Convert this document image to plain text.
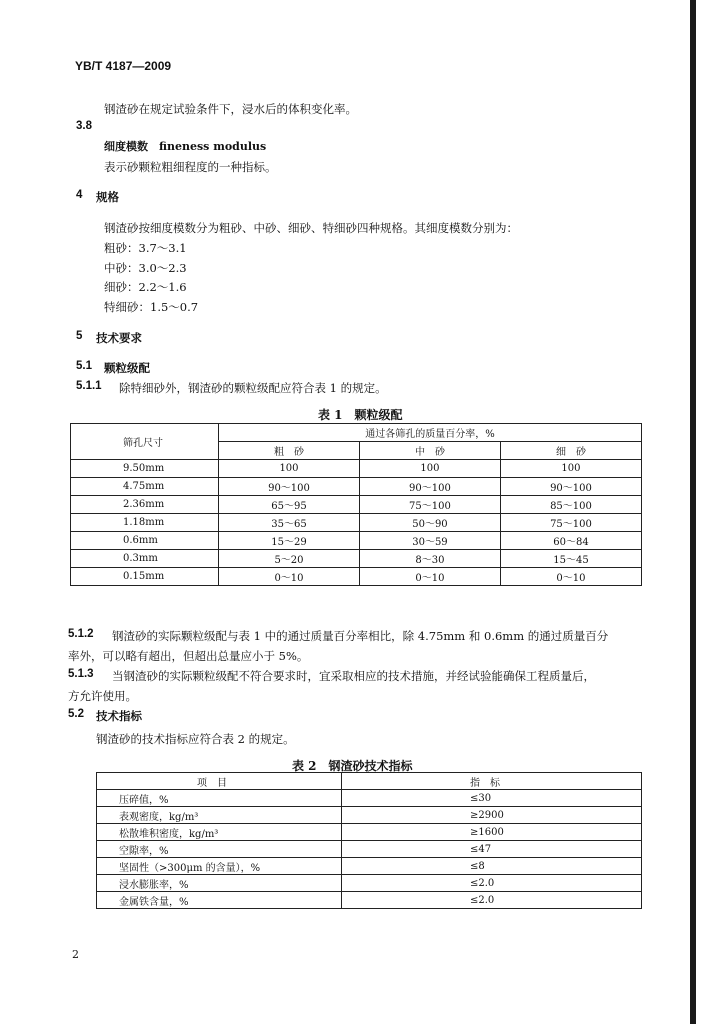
YB/T 4187—2009
钢渣砂在规定试验条件下，浸水后的体积变化率。
3.8
细度模数　fineness modulus
表示砂颗粒粗细程度的一种指标。
4 规格
钢渣砂按细度模数分为粗砂、中砂、细砂、特细砂四种规格。其细度模数分别为：
粗砂：3.7～3.1
中砂：3.0～2.3
细砂：2.2～1.6
特细砂：1.5～0.7
5 技术要求
5.1 颗粒级配
5.1.1 除特细砂外，钢渣砂的颗粒级配应符合表 1 的规定。
表 1　颗粒级配
筛孔尺寸	通过各筛孔的质量百分率，%		
	粗　砂	中　砂	细　砂
9.50mm	100	100	100
4.75mm	90～100	90～100	90～100
2.36mm	65～95	75～100	85～100
1.18mm	35～65	50～90	75～100
0.6mm	15～29	30～59	60～84
0.3mm	5～20	8～30	15～45
0.15mm	0～10	0～10	0～10
5.1.2 钢渣砂的实际颗粒级配与表 1 中的通过质量百分率相比，除 4.75mm 和 0.6mm 的通过质量百分
率外，可以略有超出，但超出总量应小于 5%。
5.1.3 当钢渣砂的实际颗粒级配不符合要求时，宜采取相应的技术措施，并经试验能确保工程质量后，
方允许使用。
5.2 技术指标
钢渣砂的技术指标应符合表 2 的规定。
表 2　钢渣砂技术指标
项　目	指　标
压碎值，%	≤30
表观密度，kg/m³	≥2900
松散堆积密度，kg/m³	≥1600
空隙率，%	≤47
坚固性（>300μm 的含量），%	≤8
浸水膨胀率，%	≤2.0
金属铁含量，%	≤2.0
2
